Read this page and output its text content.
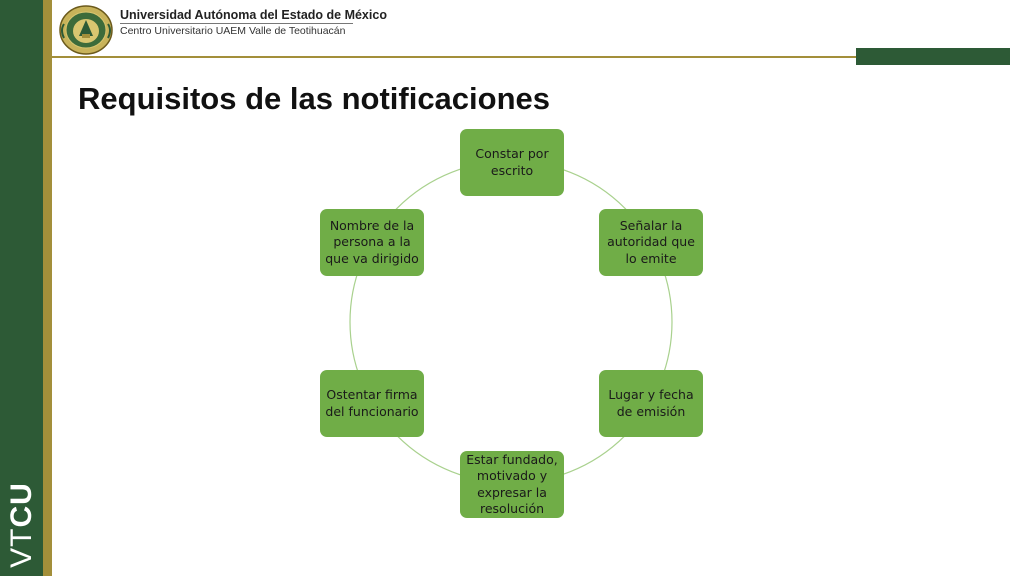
VTCU
Universidad Autónoma del Estado de México
Centro Universitario UAEM Valle de Teotihuacán
Requisitos de las notificaciones
Constar por escrito
Señalar la autoridad que lo emite
Lugar y fecha de emisión
Estar fundado, motivado y expresar la resolución
Ostentar firma del funcionario
Nombre de la persona a la que va dirigido
